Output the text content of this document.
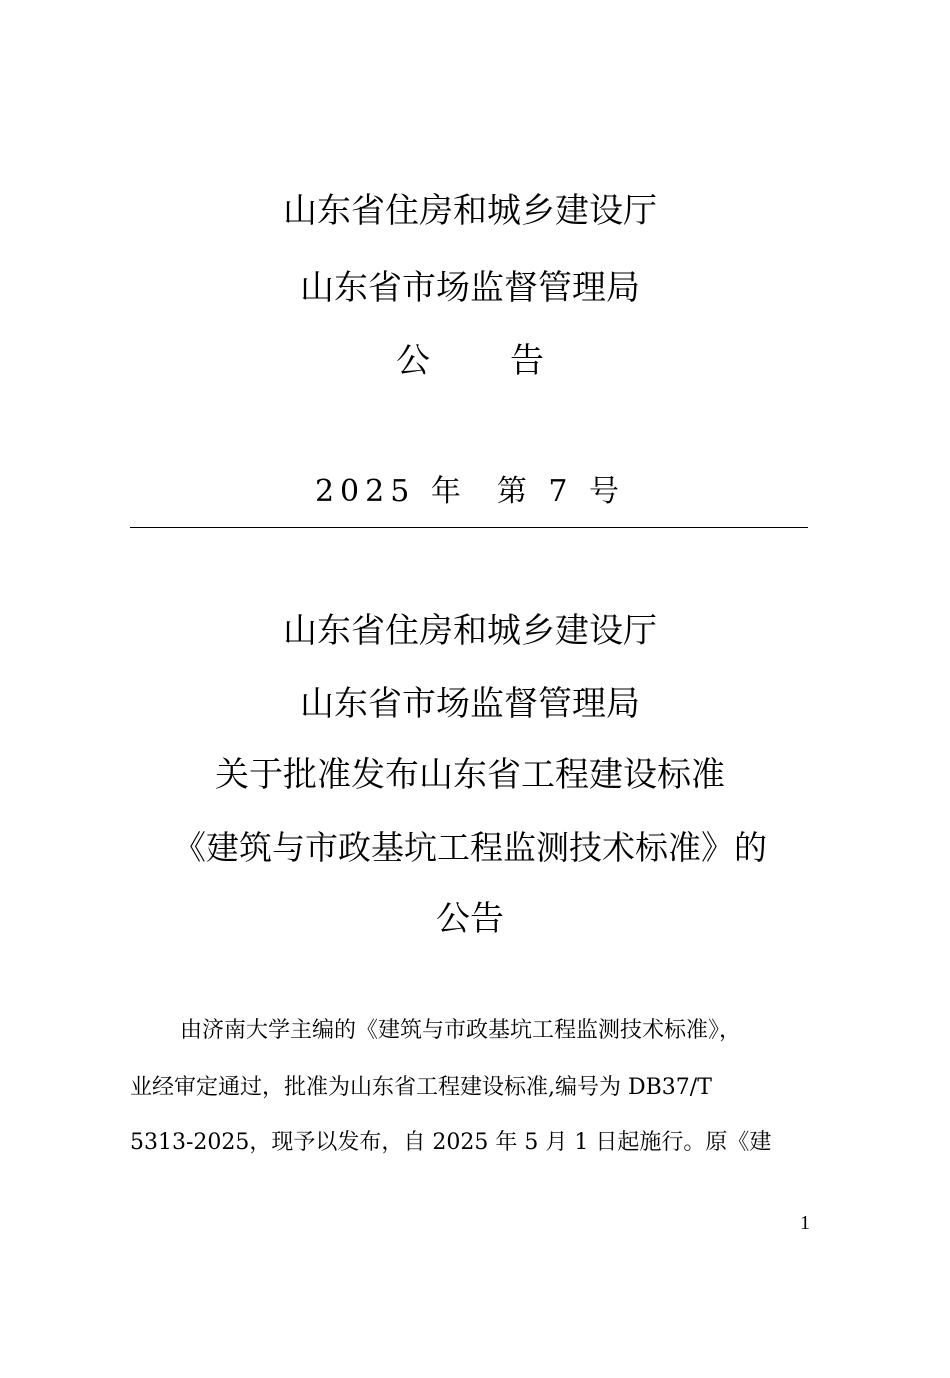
山东省住房和城乡建设厅
山东省市场监督管理局
公 告
2025 年 第 7 号
山东省住房和城乡建设厅
山东省市场监督管理局
关于批准发布山东省工程建设标准
《建筑与市政基坑工程监测技术标准》的
公告
由济南大学主编的《建筑与市政基坑工程监测技术标准》，
业经审定通过，批准为山东省工程建设标准,编号为 DB37/T
5313-2025，现予以发布，自 2025 年 5 月 1 日起施行。原《建
1
